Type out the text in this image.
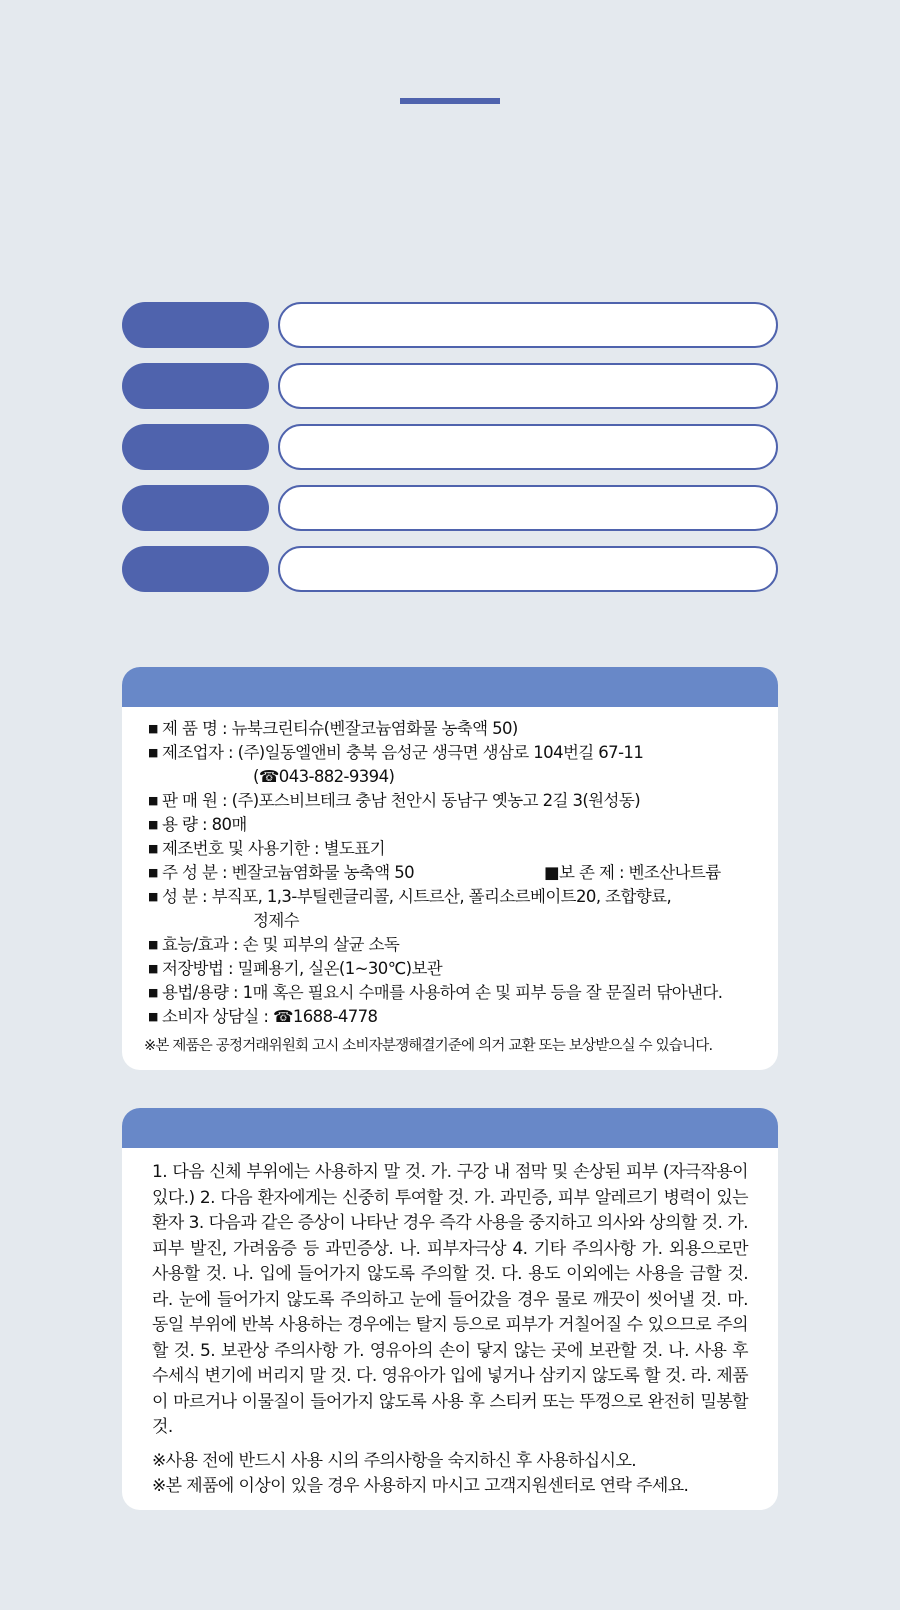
■ 제 품 명 : 뉴북크린티슈(벤잘코늄염화물 농축액 50)
■ 제조업자 : (주)일동엘앤비 충북 음성군 생극면 생삼로 104번길 67-11
(☎043-882-9394)
■ 판 매 원 : (주)포스비브테크 충남 천안시 동남구 옛농고 2길 3(원성동)
■ 용 량 : 80매
■ 제조번호 및 사용기한 : 별도표기
■ 주 성 분 : 벤잘코늄염화물 농축액 50	■보 존 제 : 벤조산나트륨
■ 성 분 : 부직포, 1,3-부틸렌글리콜, 시트르산, 폴리소르베이트20, 조합향료,
정제수
■ 효능/효과 : 손 및 피부의 살균 소독
■ 저장방법 : 밀폐용기, 실온(1~30℃)보관
■ 용법/용량 : 1매 혹은 필요시 수매를 사용하여 손 및 피부 등을 잘 문질러 닦아낸다.
■ 소비자 상담실 : ☎1688-4778
※본 제품은 공정거래위원회 고시 소비자분쟁해결기준에 의거 교환 또는 보상받으실 수 있습니다.
1. 다음 신체 부위에는 사용하지 말 것. 가. 구강 내 점막 및 손상된 피부 (자극작용이 있다.) 2. 다음 환자에게는 신중히 투여할 것. 가. 과민증, 피부 알레르기 병력이 있는 환자 3. 다음과 같은 증상이 나타난 경우 즉각 사용을 중지하고 의사와 상의할 것. 가. 피부 발진, 가려움증 등 과민증상. 나. 피부자극상 4. 기타 주의사항 가. 외용으로만 사용할 것. 나. 입에 들어가지 않도록 주의할 것. 다. 용도 이외에는 사용을 금할 것. 라. 눈에 들어가지 않도록 주의하고 눈에 들어갔을 경우 물로 깨끗이 씻어낼 것. 마. 동일 부위에 반복 사용하는 경우에는 탈지 등으로 피부가 거칠어질 수 있으므로 주의할 것. 5. 보관상 주의사항 가. 영유아의 손이 닿지 않는 곳에 보관할 것. 나. 사용 후 수세식 변기에 버리지 말 것. 다. 영유아가 입에 넣거나 삼키지 않도록 할 것. 라. 제품이 마르거나 이물질이 들어가지 않도록 사용 후 스티커 또는 뚜껑으로 완전히 밀봉할 것.
※사용 전에 반드시 사용 시의 주의사항을 숙지하신 후 사용하십시오.
※본 제품에 이상이 있을 경우 사용하지 마시고 고객지원센터로 연락 주세요.
